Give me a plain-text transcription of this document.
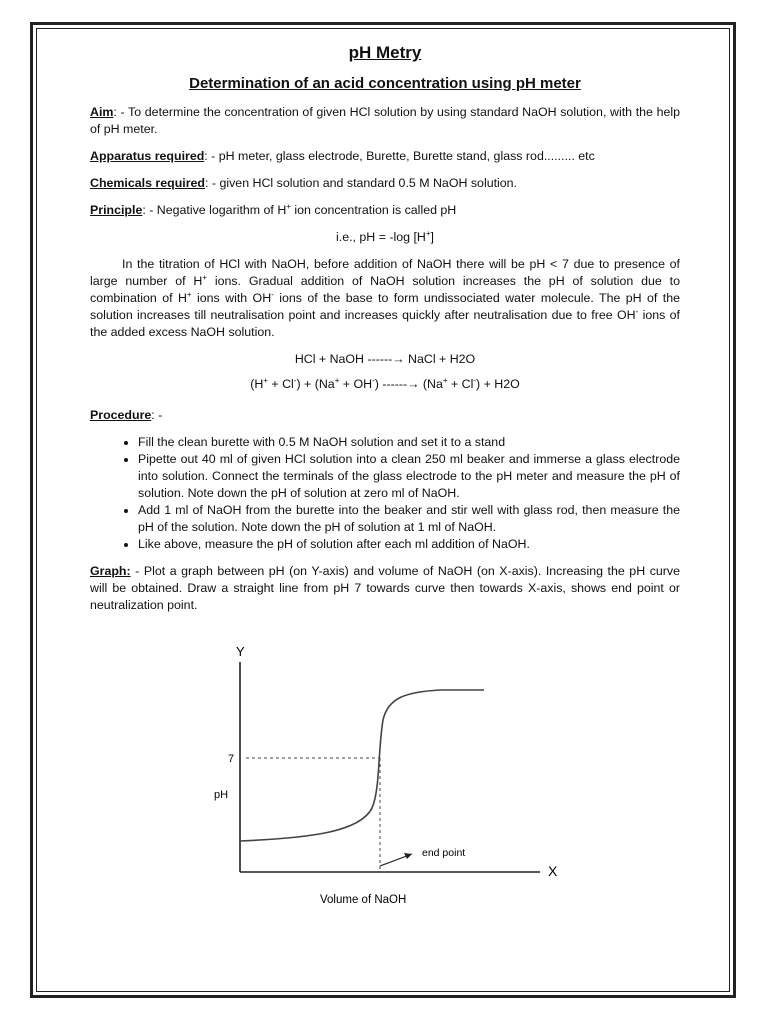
pH Metry
Determination of an acid concentration using pH meter

Aim: - To determine the concentration of given HCl solution by using standard NaOH solution, with the help of pH meter.

Apparatus required: - pH meter, glass electrode, Burette, Burette stand, glass rod......... etc

Chemicals required: - given HCl solution and standard 0.5 M NaOH solution.

Principle: - Negative logarithm of H+ ion concentration is called pH

i.e., pH = -log [H+]

In the titration of HCl with NaOH, before addition of NaOH there will be pH < 7 due to presence of large number of H+ ions. Gradual addition of NaOH solution increases the pH of solution due to combination of H+ ions with OH- ions of the base to form undissociated water molecule. The pH of the solution increases till neutralisation point and increases quickly after neutralisation due to free OH- ions of the added excess NaOH solution.

HCl + NaOH ------→ NaCl + H2O
(H+ + Cl-) + (Na+ + OH-) ------→ (Na+ + Cl-) + H2O

Procedure: -

• Fill the clean burette with 0.5 M NaOH solution and set it to a stand
• Pipette out 40 ml of given HCl solution into a clean 250 ml beaker and immerse a glass electrode into solution. Connect the terminals of the glass electrode to the pH meter and measure the pH of solution. Note down the pH of solution at zero ml of NaOH.
• Add 1 ml of NaOH from the burette into the beaker and stir well with glass rod, then measure the pH of the solution. Note down the pH of solution at 1 ml of NaOH.
• Like above, measure the pH of solution after each ml addition of NaOH.

Graph: - Plot a graph between pH (on Y-axis) and volume of NaOH (on X-axis). Increasing the pH curve will be obtained. Draw a straight line from pH 7 towards curve then towards X-axis, shows end point or neutralization point.

Y
X
7
pH
end point
Volume of NaOH
